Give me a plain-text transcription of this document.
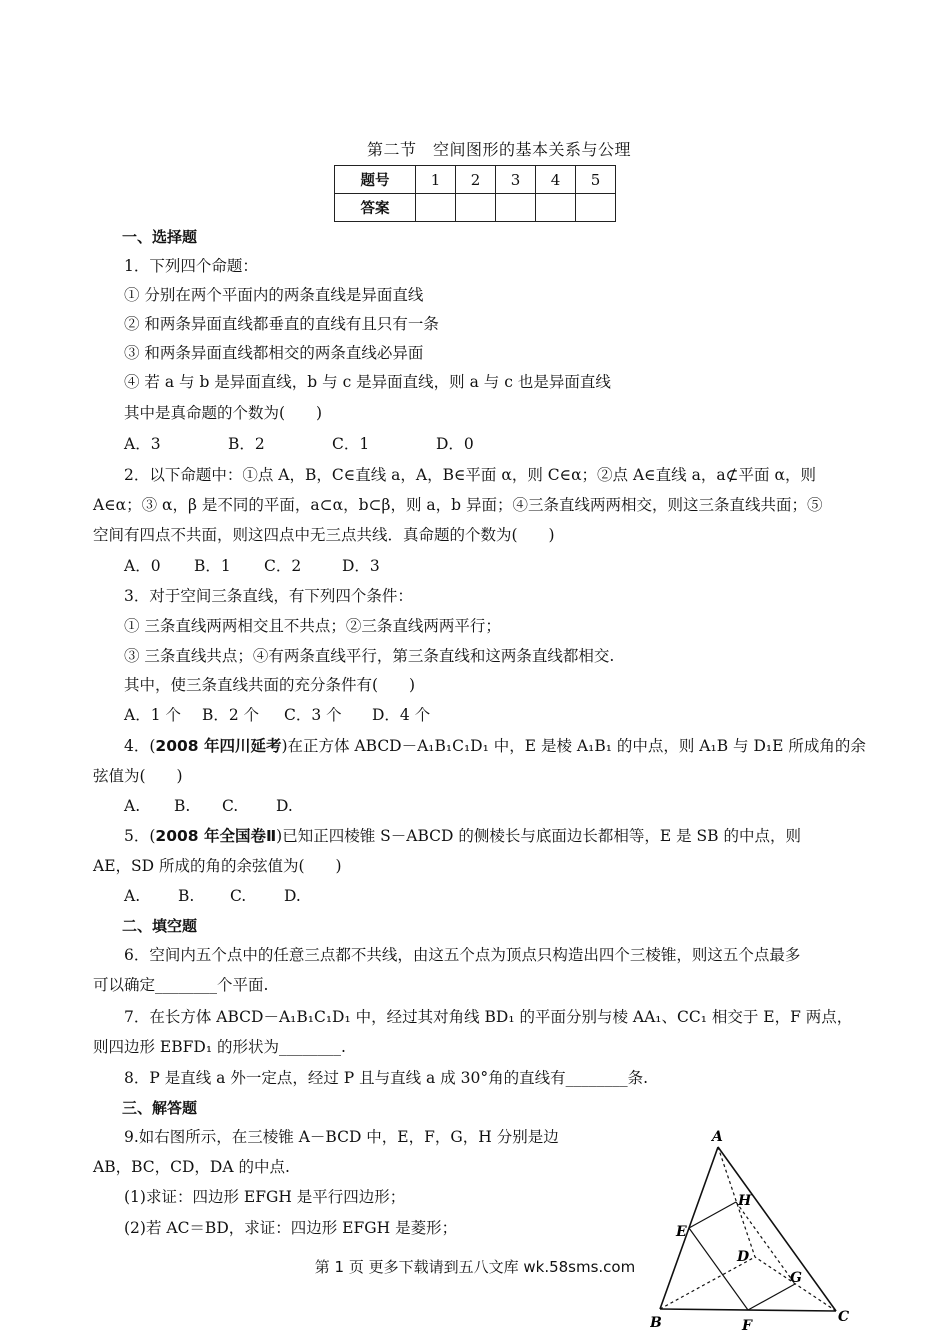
第二节　空间图形的基本关系与公理
题号	1	2	3	4	5
答案					
一、选择题
1．下列四个命题：
① 分别在两个平面内的两条直线是异面直线
② 和两条异面直线都垂直的直线有且只有一条
③ 和两条异面直线都相交的两条直线必异面
④ 若 a 与 b 是异面直线，b 与 c 是异面直线，则 a 与 c 也是异面直线
其中是真命题的个数为(　　)
A．3	B．2	C．1	D．0
2．以下命题中：①点 A，B，C∈直线 a，A，B∈平面 α，则 C∈α；②点 A∈直线 a，a⊄平面 α，则
A∈α；③ α，β 是不同的平面，a⊂α，b⊂β，则 a，b 异面；④三条直线两两相交，则这三条直线共面；⑤
空间有四点不共面，则这四点中无三点共线．真命题的个数为(　　)
A．0 B．1 C．2	D．3
3．对于空间三条直线，有下列四个条件：
① 三条直线两两相交且不共点；②三条直线两两平行；
③ 三条直线共点；④有两条直线平行，第三条直线和这两条直线都相交.
其中，使三条直线共面的充分条件有(　　)
A．1 个 B．2 个 C．3 个 D．4 个
4．(2008 年四川延考)在正方体 ABCD－A₁B₁C₁D₁ 中，E 是棱 A₁B₁ 的中点，则 A₁B 与 D₁E 所成角的余
弦值为(　　)
A. B. C. D.
5．(2008 年全国卷Ⅱ)已知正四棱锥 S－ABCD 的侧棱长与底面边长都相等，E 是 SB 的中点，则
AE，SD 所成的角的余弦值为(　　)
A. B. C. D.
二、填空题
6．空间内五个点中的任意三点都不共线，由这五个点为顶点只构造出四个三棱锥，则这五个点最多
可以确定________个平面.
7．在长方体 ABCD－A₁B₁C₁D₁ 中，经过其对角线 BD₁ 的平面分别与棱 AA₁、CC₁ 相交于 E，F 两点，
则四边形 EBFD₁ 的形状为________.
8．P 是直线 a 外一定点，经过 P 且与直线 a 成 30°角的直线有________条.
三、解答题
9.如右图所示，在三棱锥 A－BCD 中，E，F，G，H 分别是边
AB，BC，CD，DA 的中点.
(1)求证：四边形 EFGH 是平行四边形；
(2)若 AC＝BD，求证：四边形 EFGH 是菱形；
A
B	C
D
E
F
G
H
第 1 页 更多下载请到五八文库 wk.58sms.com
